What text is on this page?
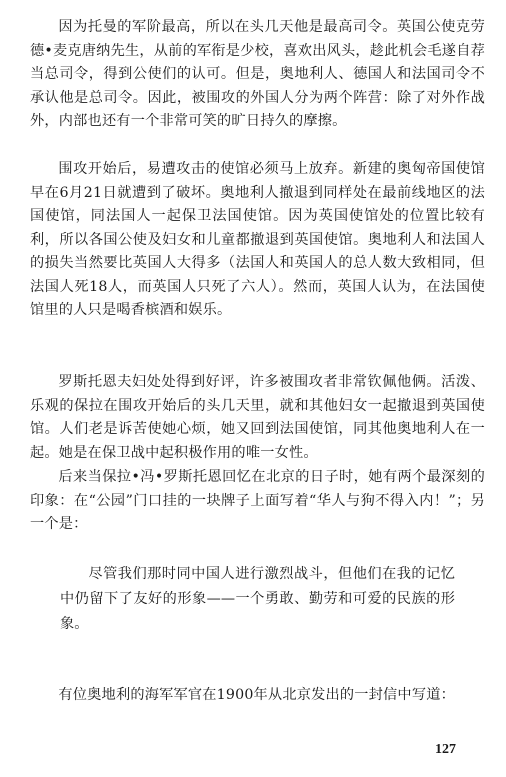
因为托曼的军阶最高，所以在头几天他是最高司令。英国公使克劳德•麦克唐纳先生，从前的军衔是少校，喜欢出风头，趁此机会毛遂自荐当总司令，得到公使们的认可。但是，奥地利人、德国人和法国司令不承认他是总司令。因此，被围攻的外国人分为两个阵营：除了对外作战外，内部也还有一个非常可笑的旷日持久的摩擦。

围攻开始后，易遭攻击的使馆必须马上放弃。新建的奥匈帝国使馆早在6月21日就遭到了破坏。奥地利人撤退到同样处在最前线地区的法国使馆，同法国人一起保卫法国使馆。因为英国使馆处的位置比较有利，所以各国公使及妇女和儿童都撤退到英国使馆。奥地利人和法国人的损失当然要比英国人大得多（法国人和英国人的总人数大致相同，但法国人死18人，而英国人只死了六人）。然而，英国人认为，在法国使馆里的人只是喝香槟酒和娱乐。

罗斯托恩夫妇处处得到好评，许多被围攻者非常钦佩他俩。活泼、乐观的保拉在围攻开始后的头几天里，就和其他妇女一起撤退到英国使馆。人们老是诉苦使她心烦，她又回到法国使馆，同其他奥地利人在一起。她是在保卫战中起积极作用的唯一女性。

后来当保拉•冯•罗斯托恩回忆在北京的日子时，她有两个最深刻的印象：在“公园”门口挂的一块牌子上面写着“华人与狗不得入内！”；另一个是：

尽管我们那时同中国人进行激烈战斗，但他们在我的记忆中仍留下了友好的形象——一个勇敢、勤劳和可爱的民族的形象。

有位奥地利的海军军官在1900年从北京发出的一封信中写道：

127
